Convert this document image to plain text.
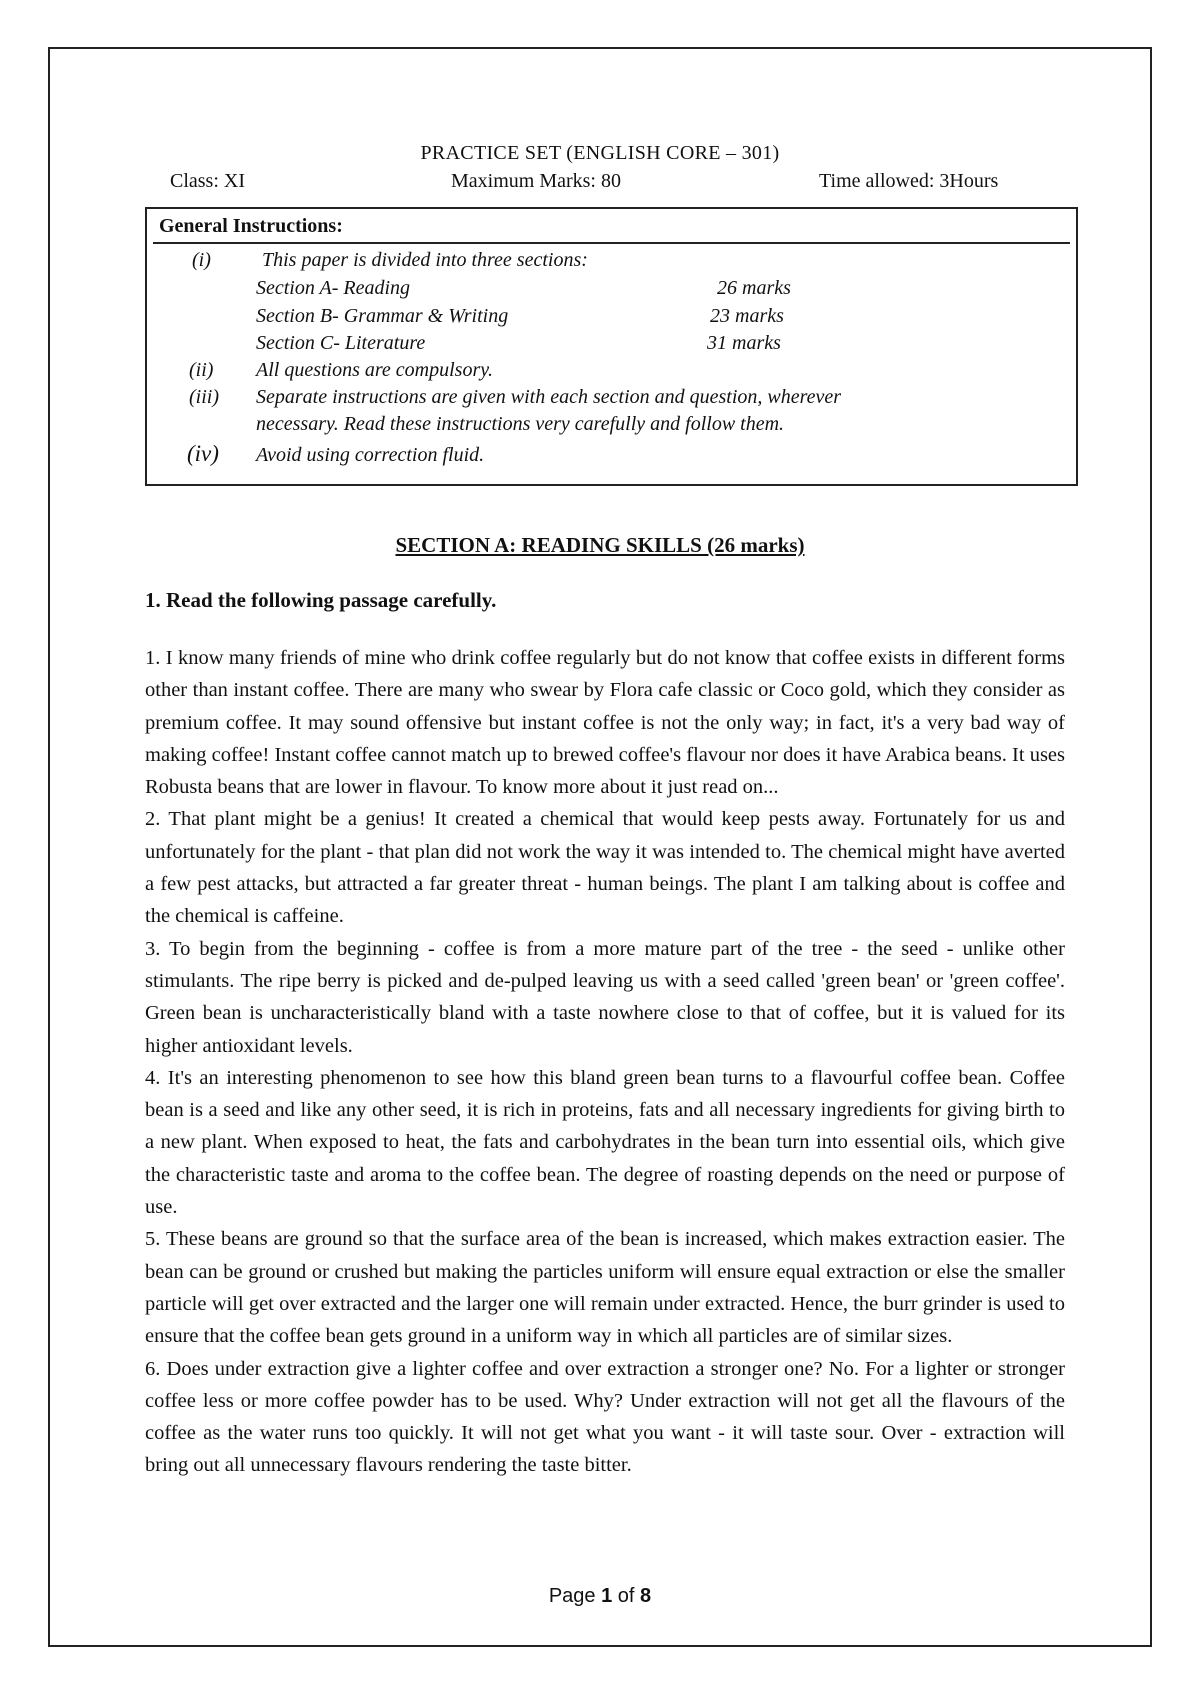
PRACTICE SET (ENGLISH CORE – 301)
Class: XI	Maximum Marks: 80	Time allowed: 3Hours
General Instructions:
(i)	This paper is divided into three sections:
Section A- Reading	26 marks
Section B- Grammar & Writing	23 marks
Section C- Literature	31 marks
(ii) All questions are compulsory.
(iii) Separate instructions are given with each section and question, wherever
necessary. Read these instructions very carefully and follow them.
(iv) Avoid using correction fluid.
SECTION A: READING SKILLS (26 marks)
1. Read the following passage carefully.

1. I know many friends of mine who drink coffee regularly but do not know that coffee exists in different forms other than instant coffee. There are many who swear by Flora cafe classic or Coco gold, which they consider as premium coffee. It may sound offensive but instant coffee is not the only way; in fact, it's a very bad way of making coffee! Instant coffee cannot match up to brewed coffee's flavour nor does it have Arabica beans. It uses Robusta beans that are lower in flavour. To know more about it just read on...

2. That plant might be a genius! It created a chemical that would keep pests away. Fortunately for us and unfortunately for the plant - that plan did not work the way it was intended to. The chemical might have averted a few pest attacks, but attracted a far greater threat - human beings. The plant I am talking about is coffee and the chemical is caffeine.

3. To begin from the beginning - coffee is from a more mature part of the tree - the seed - unlike other stimulants. The ripe berry is picked and de-pulped leaving us with a seed called 'green bean' or 'green coffee'. Green bean is uncharacteristically bland with a taste nowhere close to that of coffee, but it is valued for its higher antioxidant levels.

4. It's an interesting phenomenon to see how this bland green bean turns to a flavourful coffee bean. Coffee bean is a seed and like any other seed, it is rich in proteins, fats and all necessary ingredients for giving birth to a new plant. When exposed to heat, the fats and carbohydrates in the bean turn into essential oils, which give the characteristic taste and aroma to the coffee bean. The degree of roasting depends on the need or purpose of use.

5. These beans are ground so that the surface area of the bean is increased, which makes extraction easier. The bean can be ground or crushed but making the particles uniform will ensure equal extraction or else the smaller particle will get over extracted and the larger one will remain under extracted. Hence, the burr grinder is used to ensure that the coffee bean gets ground in a uniform way in which all particles are of similar sizes.

6. Does under extraction give a lighter coffee and over extraction a stronger one? No. For a lighter or stronger coffee less or more coffee powder has to be used. Why? Under extraction will not get all the flavours of the coffee as the water runs too quickly. It will not get what you want - it will taste sour. Over - extraction will bring out all unnecessary flavours rendering the taste bitter.

Page 1 of 8
